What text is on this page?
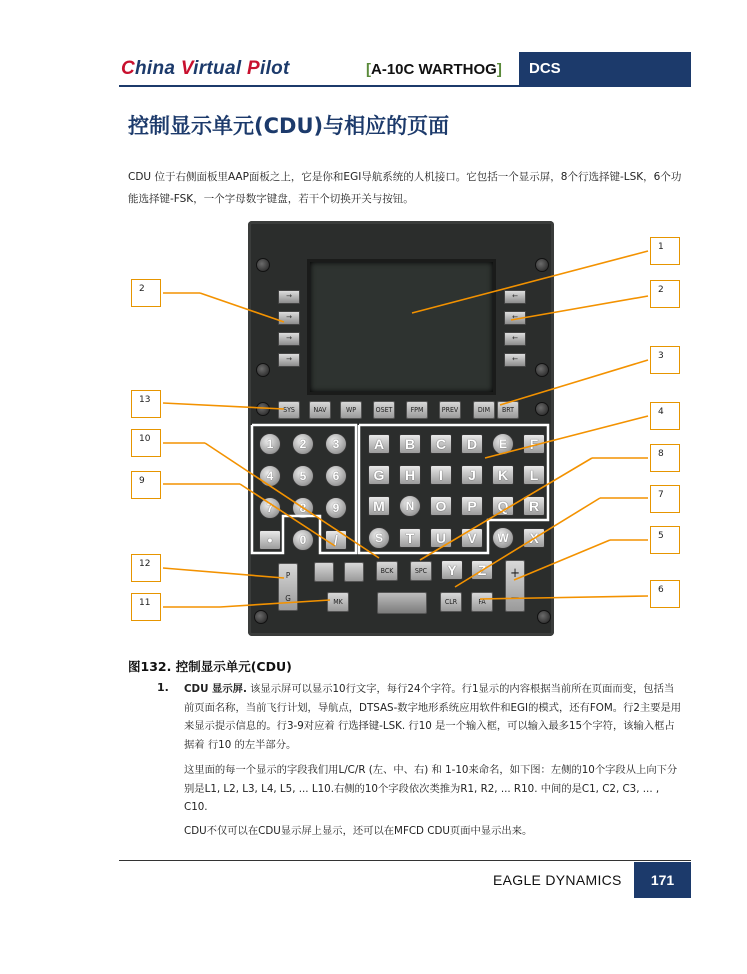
China Virtual Pilot	[A-10C WARTHOG]	DCS
控制显示单元(CDU)与相应的页面
CDU 位于右侧面板里AAP面板之上，它是你和EGI导航系统的人机接口。它包括一个显示屏，8个行选择键-LSK，6个功能选择键-FSK，一个字母数字键盘，若干个切换开关与按钮。
→
→
→
→
←
←
←
←
SYS	NAV	WP	OSET	FPM	PREV	DIM	BRT
1	2	3
4	5	6
7	8	9
•	0	/
A	B	C	D	E	F
G	H	I	J	K	L
M	N	O	P	Q	R
S	T	U	V	W	X
BCK	SPC	Y	Z	+
−
P
G	MK	CLR	FA
1
2	2
3
13
4
10
8
9
7
5
12
6
11
图132. 控制显示单元(CDU)
1. CDU 显示屏. 该显示屏可以显示10行文字，每行24个字符。行1显示的内容根据当前所在页面而变，包括当前页面名称，当前飞行计划，导航点，DTSAS-数字地形系统应用软件和EGI的模式，还有FOM。行2主要是用来显示提示信息的。行3-9对应着 行选择键-LSK. 行10 是一个输入框，可以输入最多15个字符，该输入框占据着 行10 的左半部分。
这里面的每一个显示的字段我们用L/C/R (左、中、右) 和 1-10来命名，如下图：左侧的10个字段从上向下分别是L1, L2, L3, L4, L5, ... L10.右侧的10个字段依次类推为R1, R2, ... R10. 中间的是C1, C2, C3, ... , C10.
CDU不仅可以在CDU显示屏上显示，还可以在MFCD CDU页面中显示出来。
EAGLE DYNAMICS	171
